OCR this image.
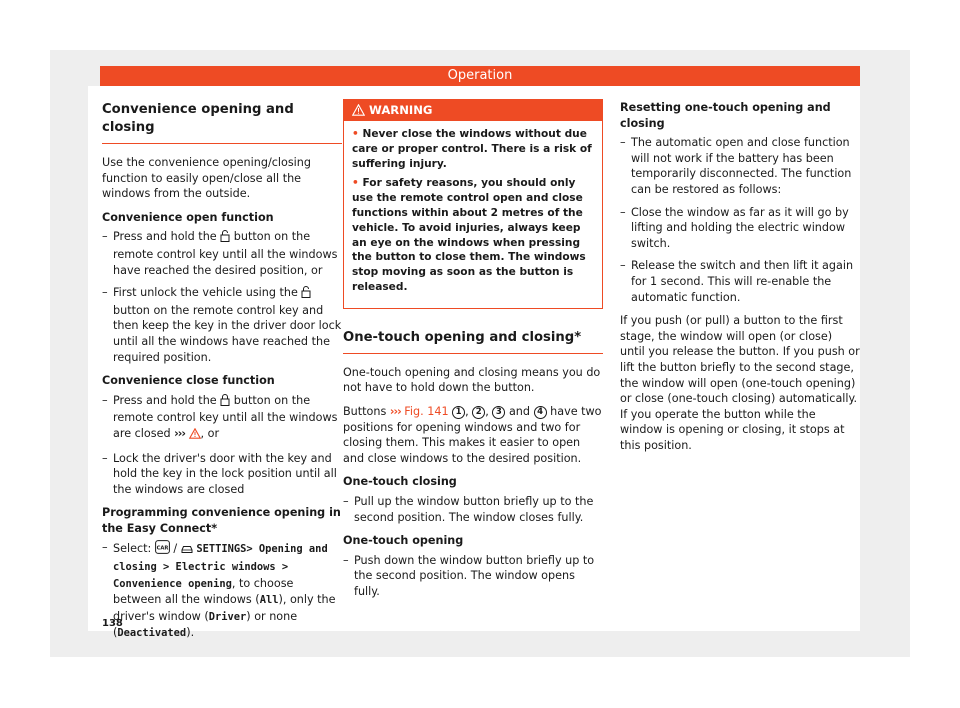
Operation
Convenience opening and closing

Use the convenience opening/closing function to easily open/close all the windows from the outside.

Convenience open function
– Press and hold the button on the remote control key until all the windows have reached the desired position, or
– First unlock the vehicle using the  button on the remote control key and then keep the key in the driver door lock until all the windows have reached the required position.
Convenience close function
– Press and hold the button on the remote control key until all the windows are closed ››› , or
– Lock the driver's door with the key and hold the key in the lock position until all the windows are closed
Programming convenience opening in the Easy Connect*
– Select: CAR / SETTINGS> Opening and closing > Electric windows > Convenience opening, to choose between all the windows (All), only the driver's window (Driver) or none (Deactivated).
WARNING
• Never close the windows without due care or proper control. There is a risk of suffering injury.
• For safety reasons, you should only use the remote control open and close functions within about 2 metres of the vehicle. To avoid injuries, always keep an eye on the windows when pressing the button to close them. The windows stop moving as soon as the button is released.
One-touch opening and closing*

One-touch opening and closing means you do not have to hold down the button.

Buttons ››› Fig. 141 1 , 2 , 3 and 4 have two positions for opening windows and two for closing them. This makes it easier to open and close windows to the desired position.

One-touch closing
– Pull up the window button briefly up to the second position. The window closes fully.
One-touch opening
– Push down the window button briefly up to the second position. The window opens fully.
Resetting one-touch opening and closing
– The automatic open and close function will not work if the battery has been temporarily disconnected. The function can be restored as follows:
– Close the window as far as it will go by lifting and holding the electric window switch.
– Release the switch and then lift it again for 1 second. This will re-enable the automatic function.

If you push (or pull) a button to the first stage, the window will open (or close) until you release the button. If you push or lift the button briefly to the second stage, the window will open (one-touch opening) or close (one-touch closing) automatically. If you operate the button while the window is opening or closing, it stops at this position.

138
